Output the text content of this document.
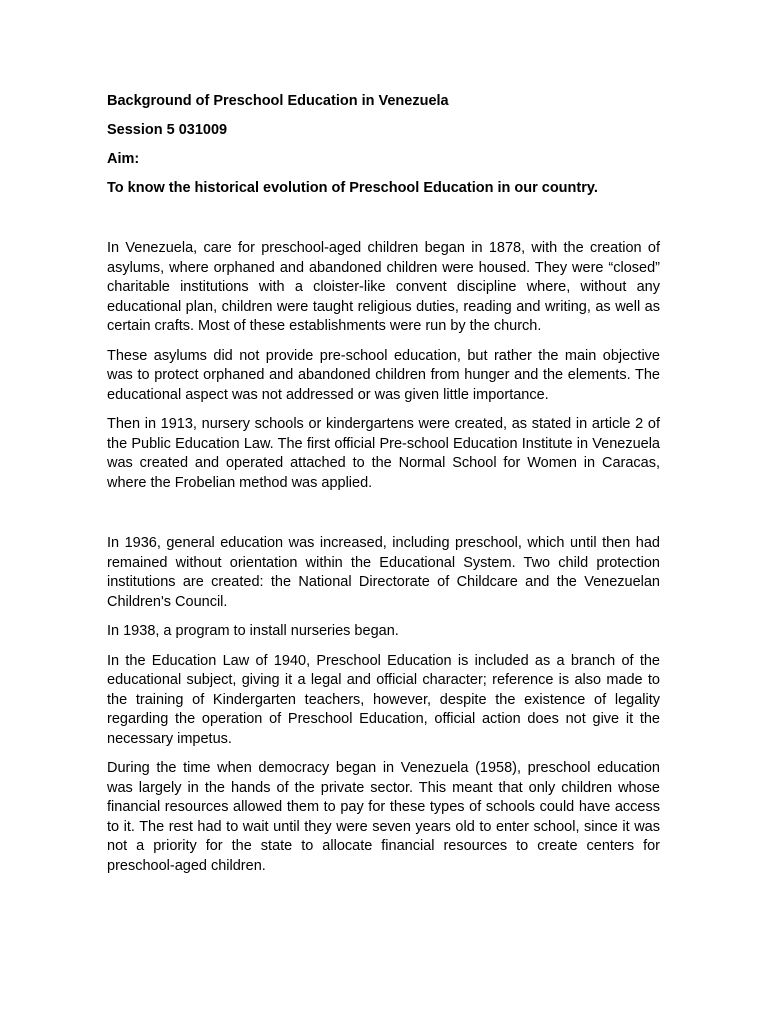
Background of Preschool Education in Venezuela

Session 5 031009

Aim:

To know the historical evolution of Preschool Education in our country.

In Venezuela, care for preschool-aged children began in 1878, with the creation of asylums, where orphaned and abandoned children were housed. They were “closed” charitable institutions with a cloister-like convent discipline where, without any educational plan, children were taught religious duties, reading and writing, as well as certain crafts. Most of these establishments were run by the church.

These asylums did not provide pre-school education, but rather the main objective was to protect orphaned and abandoned children from hunger and the elements. The educational aspect was not addressed or was given little importance.

Then in 1913, nursery schools or kindergartens were created, as stated in article 2 of the Public Education Law. The first official Pre-school Education Institute in Venezuela was created and operated attached to the Normal School for Women in Caracas, where the Frobelian method was applied.

In 1936, general education was increased, including preschool, which until then had remained without orientation within the Educational System. Two child protection institutions are created: the National Directorate of Childcare and the Venezuelan Children's Council.

In 1938, a program to install nurseries began.

In the Education Law of 1940, Preschool Education is included as a branch of the educational subject, giving it a legal and official character; reference is also made to the training of Kindergarten teachers, however, despite the existence of legality regarding the operation of Preschool Education, official action does not give it the necessary impetus.

During the time when democracy began in Venezuela (1958), preschool education was largely in the hands of the private sector. This meant that only children whose financial resources allowed them to pay for these types of schools could have access to it. The rest had to wait until they were seven years old to enter school, since it was not a priority for the state to allocate financial resources to create centers for preschool-aged children.
